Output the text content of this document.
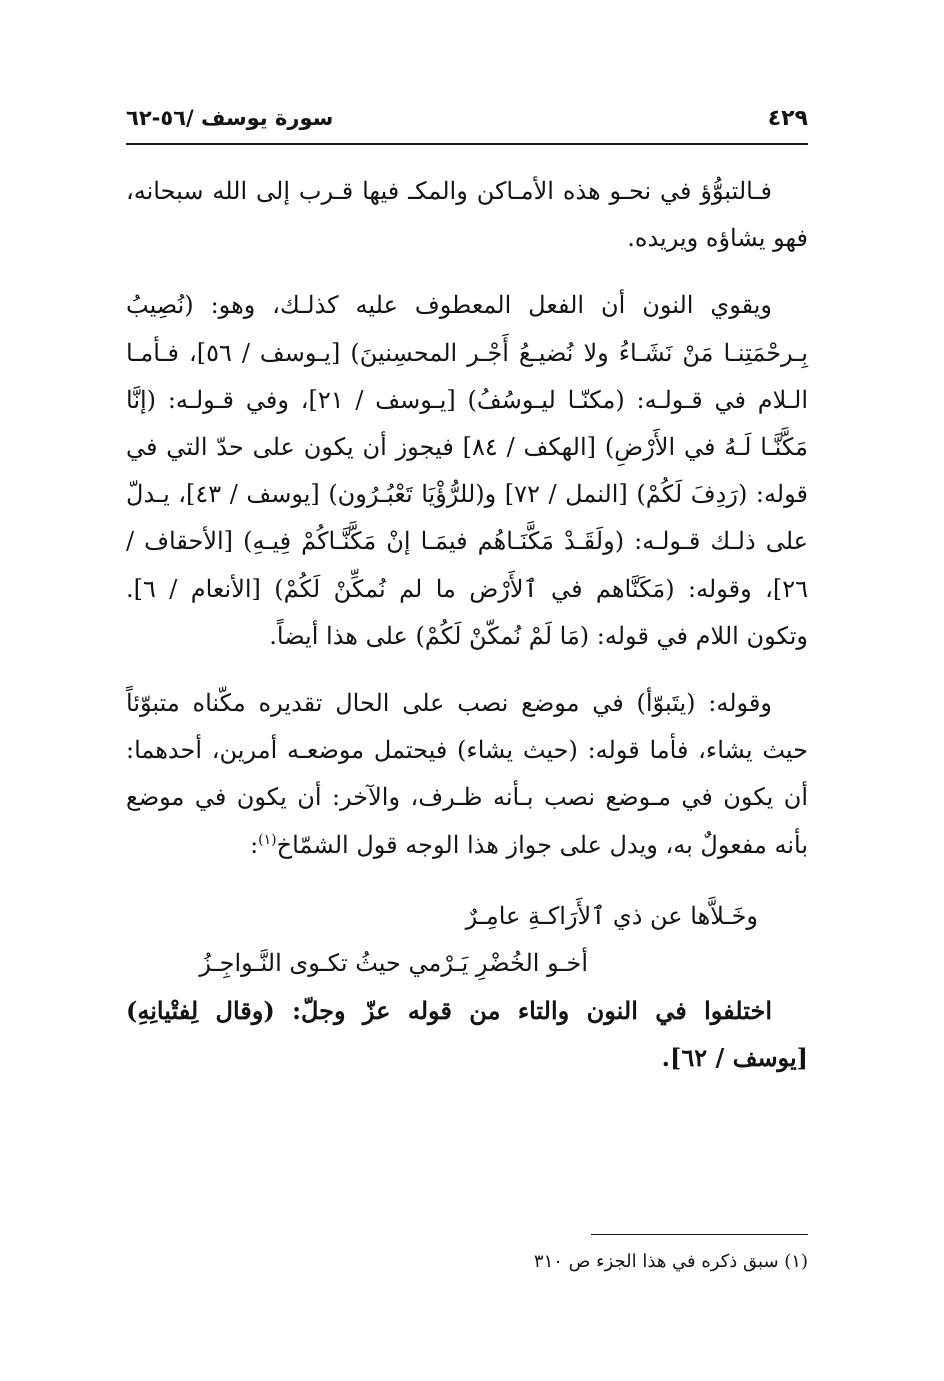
٤٢٩
سورة يوسف /٥٦-٦٢

فـالتبوُّؤ في نحـو هذه الأمـاكن والمكـ فيها قـرب إلى الله سبحانه، فهو يشاؤه ويريده.

ويقوي النون أن الفعل المعطوف عليه كذلـك، وهو: (نُصِيبُ بِـرحْمَتِنـا مَنْ نَشَـاءُ ولا نُضيـعُ أَجْـر المحسِنينَ) [يـوسف / ٥٦]، فـأمـا الـلام في قـولـه: (مكنّـا ليـوسُفُ) [يـوسف / ٢١]، وفي قـولـه: (إنَّا مَكَّنَّـا لَـهُ في الأَرْضِ) [الهكف / ٨٤] فيجوز أن يكون على حدّ التي في قوله: (رَدِفَ لَكُمْ) [النمل / ٧٢] و(للرُّؤْيَا تَعْبُـرُون) [يوسف / ٤٣]، يـدلّ على ذلـك قـولـه: (ولَقَـدْ مَكَّنَـاهُم فيمَـا إنْ مَكَّنَّـاكُمْ فِيـهِ) [الأحقاف / ٢٦]، وقوله: (مَكَنَّاهم في ٱلأَرْض ما لم نُمكِّنْ لَكُمْ) [الأنعام / ٦]. وتكون اللام في قوله: (مَا لَمْ نُمكّنْ لَكُمْ) على هذا أيضاً.

وقوله: (يتَبوّأ) في موضع نصب على الحال تقديره مكّناه متبوّئاً حيث يشاء، فأما قوله: (حيث يشاء) فيحتمل موضعـه أمرين، أحدهما: أن يكون في مـوضع نصب بـأنه ظـرف، والآخر: أن يكون في موضع بأنه مفعولٌ به، ويدل على جواز هذا الوجه قول الشمّاخ$^{(١)}$:

وخَـلاَّها عن ذي ٱلأَرَاكـةِ عامِـرٌ

أخـو الخُضْرِ يَـرْمي حيثُ تكـوى النَّـواجِـزُ

اختلفوا في النون والتاء من قوله عزّ وجلّ: (وقال لِفتْيانِهِ) [يوسف / ٦٢].

(١) سبق ذكره في هذا الجزء ص ٣١٠
